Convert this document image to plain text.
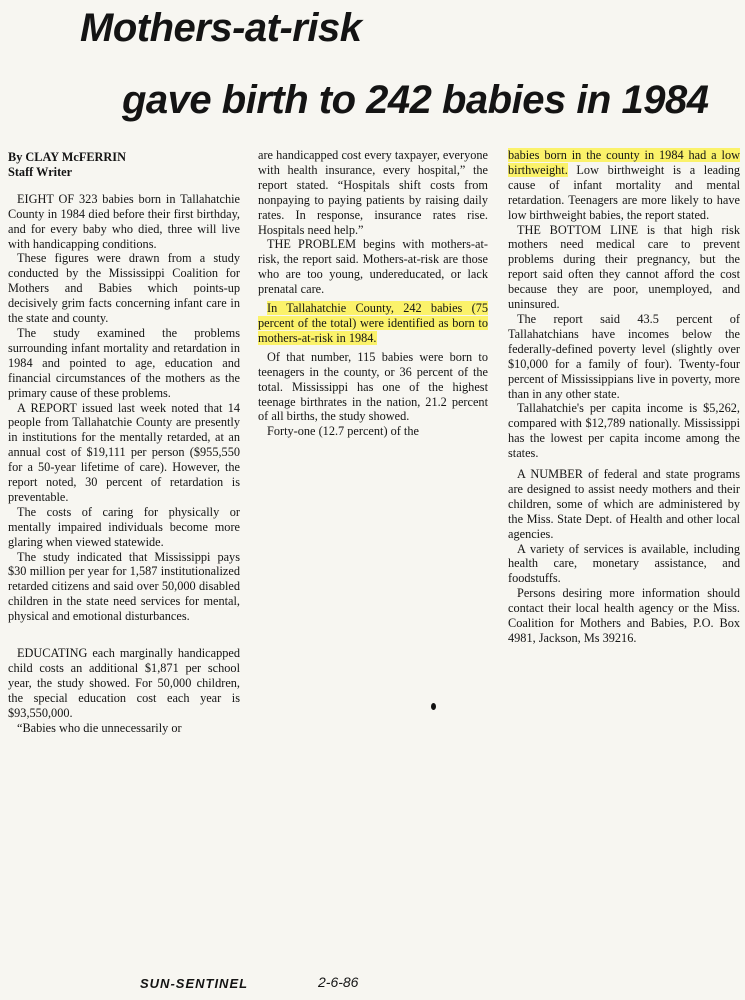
Mothers-at-risk
gave birth to 242 babies in 1984

By CLAY McFERRIN

Staff Writer

EIGHT OF 323 babies born in Tallahatchie County in 1984 died before their first birthday, and for every baby who died, three will live with handicapping conditions.

These figures were drawn from a study conducted by the Mississippi Coalition for Mothers and Babies which points-up decisively grim facts concerning infant care in the state and county.

The study examined the problems surrounding infant mortality and retardation in 1984 and pointed to age, education and financial circumstances of the mothers as the primary cause of these problems.

A REPORT issued last week noted that 14 people from Tallahatchie County are presently in institutions for the mentally retarded, at an annual cost of $19,111 per person ($955,550 for a 50-year lifetime of care). However, the report noted, 30 percent of retardation is preventable.

The costs of caring for physically or mentally impaired individuals become more glaring when viewed statewide.

The study indicated that Mississippi pays $30 million per year for 1,587 institutionalized retarded citizens and said over 50,000 disabled children in the state need services for mental, physical and emotional disturbances.

EDUCATING each marginally handicapped child costs an additional $1,871 per school year, the study showed. For 50,000 children, the special education cost each year is $93,550,000.

“Babies who die unnecessarily or

are handicapped cost every taxpayer, everyone with health insurance, every hospital,” the report stated. “Hospitals shift costs from nonpaying to paying patients by raising daily rates. In response, insurance rates rise. Hospitals need help.”

THE PROBLEM begins with mothers-at-risk, the report said. Mothers-at-risk are those who are too young, undereducated, or lack prenatal care.

In Tallahatchie County, 242 babies (75 percent of the total) were identified as born to mothers-at-risk in 1984.

Of that number, 115 babies were born to teenagers in the county, or 36 percent of the total. Mississippi has one of the highest teenage birthrates in the nation, 21.2 percent of all births, the study showed.

Forty-one (12.7 percent) of the

babies born in the county in 1984 had a low birthweight. Low birthweight is a leading cause of infant mortality and mental retardation. Teenagers are more likely to have low birthweight babies, the report stated.

THE BOTTOM LINE is that high risk mothers need medical care to prevent problems during their pregnancy, but the report said often they cannot afford the cost because they are poor, unemployed, and uninsured.

The report said 43.5 percent of Tallahatchians have incomes below the federally-defined poverty level (slightly over $10,000 for a family of four). Twenty-four percent of Mississippians live in poverty, more than in any other state.

Tallahatchie's per capita income is $5,262, compared with $12,789 nationally. Mississippi has the lowest per capita income among the states.

A NUMBER of federal and state programs are designed to assist needy mothers and their children, some of which are administered by the Miss. State Dept. of Health and other local agencies.

A variety of services is available, including health care, monetary assistance, and foodstuffs.

Persons desiring more information should contact their local health agency or the Miss. Coalition for Mothers and Babies, P.O. Box 4981, Jackson, Ms 39216.

SUN-SENTINEL	2-6-86
